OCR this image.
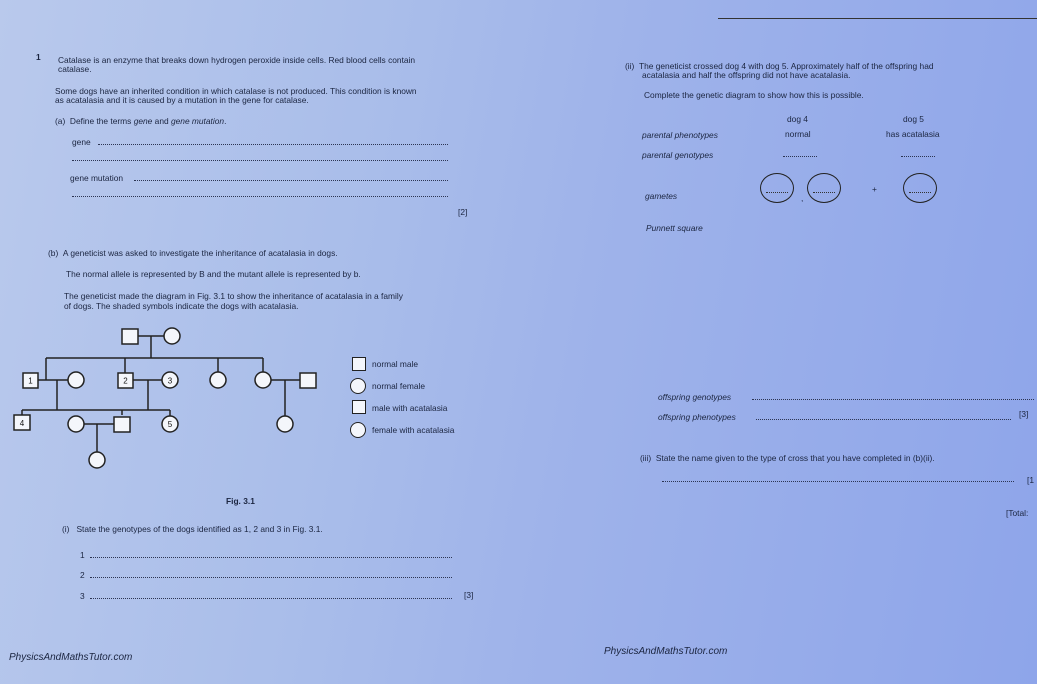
1 Catalase is an enzyme that breaks down hydrogen peroxide inside cells. Red blood cells contain
catalase.
Some dogs have an inherited condition in which catalase is not produced. This condition is known
as acatalasia and it is caused by a mutation in the gene for catalase.
(a) Define the terms gene and gene mutation.
gene
gene mutation
[2]
(b) A geneticist was asked to investigate the inheritance of acatalasia in dogs.
The normal allele is represented by B and the mutant allele is represented by b.
The geneticist made the diagram in Fig. 3.1 to show the inheritance of acatalasia in a family
of dogs. The shaded symbols indicate the dogs with acatalasia.
1	2	3
4	5
normal male
normal female
male with acatalasia
female with acatalasia
Fig. 3.1
(i) State the genotypes of the dogs identified as 1, 2 and 3 in Fig. 3.1.
1
2
3	[3]
PhysicsAndMathsTutor.com
(ii) The geneticist crossed dog 4 with dog 5. Approximately half of the offspring had
acatalasia and half the offspring did not have acatalasia.
Complete the genetic diagram to show how this is possible.
dog 4	dog 5
parental phenotypes	normal	has acatalasia
parental genotypes
gametes	,
+
Punnett square
offspring genotypes
offspring phenotypes	[3]
(iii) State the name given to the type of cross that you have completed in (b)(ii).
[1
[Total:
PhysicsAndMathsTutor.com
